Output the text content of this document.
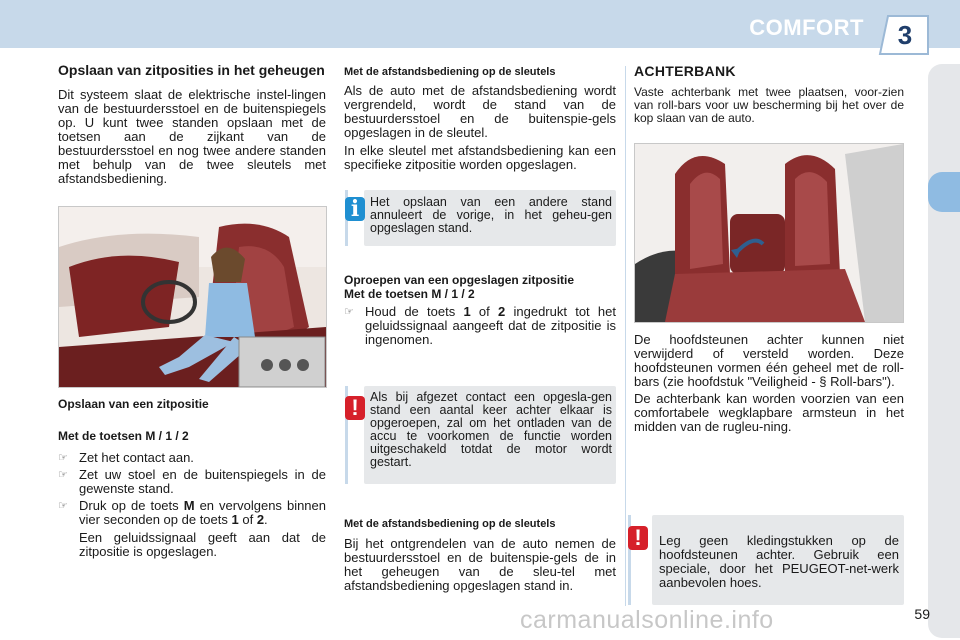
COMFORT	3
Opslaan van zitposities in het geheugen

Dit systeem slaat de elektrische instel-lingen van de bestuurdersstoel en de buitenspiegels op. U kunt twee standen opslaan met de toetsen aan de zijkant van de bestuurdersstoel en nog twee andere standen met behulp van de twee sleutels met afstandsbediening.

Opslaan van een zitpositie

Met de toetsen M / 1 / 2

☞ Zet het contact aan.
☞ Zet uw stoel en de buitenspiegels in de gewenste stand.
☞ Druk op de toets M en vervolgens binnen vier seconden op de toets 1 of 2.

Een geluidssignaal geeft aan dat de zitpositie is opgeslagen.

Met de afstandsbediening op de sleutels

Als de auto met de afstandsbediening wordt vergrendeld, wordt de stand van de bestuurdersstoel en de buitenspie-gels opgeslagen in de sleutel.

In elke sleutel met afstandsbediening kan een specifieke zitpositie worden opgeslagen.

i Het opslaan van een andere stand annuleert de vorige, in het geheu-gen opgeslagen stand.

Oproepen van een opgeslagen zitpositie

Met de toetsen M / 1 / 2

☞ Houd de toets 1 of 2 ingedrukt tot het geluidssignaal aangeeft dat de zitpositie is ingenomen.
! Als bij afgezet contact een opgesla-gen stand een aantal keer achter elkaar is opgeroepen, zal om het ontladen van de accu te voorkomen de functie worden uitgeschakeld totdat de motor wordt gestart.

Met de afstandsbediening op de sleutels

Bij het ontgrendelen van de auto nemen de bestuurdersstoel en de buitenspie-gels de in het geheugen van de sleu-tel met afstandsbediening opgeslagen stand in.

ACHTERBANK

Vaste achterbank met twee plaatsen, voor-zien van roll-bars voor uw bescherming bij het over de kop slaan van de auto.

De hoofdsteunen achter kunnen niet verwijderd of versteld worden. Deze hoofdsteunen vormen één geheel met de roll-bars (zie hoofdstuk "Veiligheid - § Roll-bars").

De achterbank kan worden voorzien van een comfortabele wegklapbare armsteun in het midden van de rugleu-ning.

!	Leg geen kledingstukken op de hoofdsteunen achter. Gebruik een speciale, door het PEUGEOT-net-werk aanbevolen hoes.
carmanualsonline.info	59
